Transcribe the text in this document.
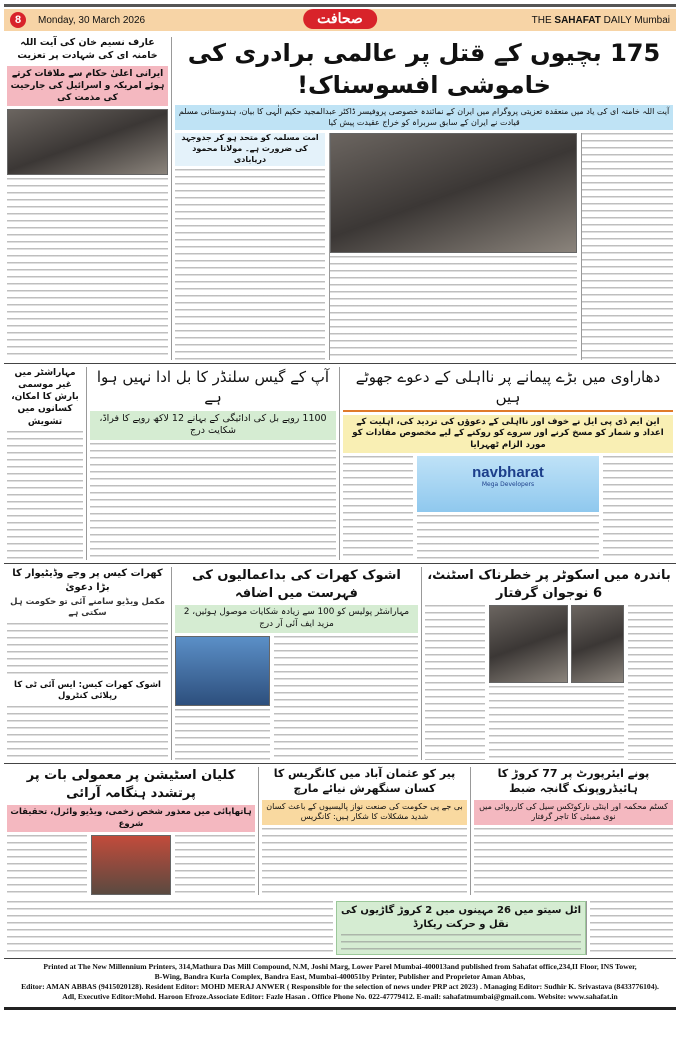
8	Monday, 30 March 2026	صحافت	THE SAHAFAT DAILY Mumbai
عارف نسیم خان کی آیت اللہ خامنہ ای کی شہادت پر تعزیت
ایرانی اعلیٰ حکام سے ملاقات کرتے ہوئے امریکہ و اسرائیل کی جارحیت کی مذمت کی
175 بچیوں کے قتل پر عالمی برادری کی خاموشی افسوسناک!
آیت اللہ خامنہ ای کی یاد میں منعقدہ تعزیتی پروگرام میں ایران کے نمائندہ خصوصی پروفیسر ڈاکٹر عبدالمجید حکیم الٰہی کا بیان، ہندوستانی مسلم قیادت نے ایران کے سابق سربراہ کو خراج عقیدت پیش کیا
امت مسلمہ کو متحد ہو کر جدوجہد کی ضرورت ہے۔ مولانا محمود دریابادی
مہاراشٹر میں غیر موسمی بارش کا امکان، کسانوں میں تشویش
آپ کے گیس سلنڈر کا بل ادا نہیں ہوا ہے
1100 روپے بل کی ادائیگی کے بہانے 12 لاکھ روپے کا فراڈ، شکایت درج
دھاراوی میں بڑے پیمانے پر نااہلی کے دعوے جھوٹے ہیں
این ایم ڈی پی ایل نے خوف اور نااہلی کے دعوؤں کی تردید کی، اہلیت کے اعداد و شمار کو مسخ کرنے اور سروے کو روکنے کے لیے مخصوص مفادات کو مورد الزام ٹھہرایا
navbharat
Mega Developers
کھرات کیس پر وجے وڈیٹیوار کا بڑا دعویٰ
مکمل ویڈیو سامنے آئی تو حکومت ہل سکتی ہے
اشوک کھرات کیس: ایس آئی ٹی کا رپلائی کنٹرول
اشوک کھرات کی بداعمالیوں کی فہرست میں اضافہ
مہاراشٹر پولیس کو 100 سے زیادہ شکایات موصول ہوئیں، 2 مزید ایف آئی آر درج
باندرہ میں اسکوٹر پر خطرناک اسٹنٹ، 6 نوجوان گرفتار
کلیان اسٹیشن پر معمولی بات پر پرتشدد ہنگامہ آرائی
ہاتھاپائی میں معذور شخص زخمی، ویڈیو وائرل، تحقیقات شروع
پیر کو عثمان آباد میں کانگریس کا کسان سنگھرش نیائے مارچ
بی جے پی حکومت کی صنعت نواز پالیسیوں کے باعث کسان شدید مشکلات کا شکار ہیں: کانگریس
پونے ایئرپورٹ پر 77 کروڑ کا ہائیڈروپونک گانجہ ضبط
کسٹم محکمہ اور اینٹی نارکوٹکس سیل کی کارروائی میں نوی ممبئی کا تاجر گرفتار
اٹل سیتو میں 26 مہینوں میں 2 کروڑ گاڑیوں کی نقل و حرکت ریکارڈ
Printed at The New Millennium Printers, 314,Mathura Das Mill Compound, N.M, Joshi Marg, Lower Parel Mumbai-400013and published from Sahafat office,234,II Floor, INS Tower,
B-Wing, Bandra Kurla Complex, Bandra East, Mumbai-400051by Printer, Publisher and Proprietor Aman Abbas,
Editor: AMAN ABBAS (9415020128). Resident Editor: MOHD MERAJ ANWER ( Responsible for the selection of news under PRP act 2023) . Managing Editor: Sudhir K. Srivastava (8433776104).
Adl, Executive Editor:Mohd. Haroon Efroze.Associate Editor: Fazle Hasan . Office Phone No. 022-47779412. E-mail: sahafatmumbai@gmail.com. Website: www.sahafat.in
